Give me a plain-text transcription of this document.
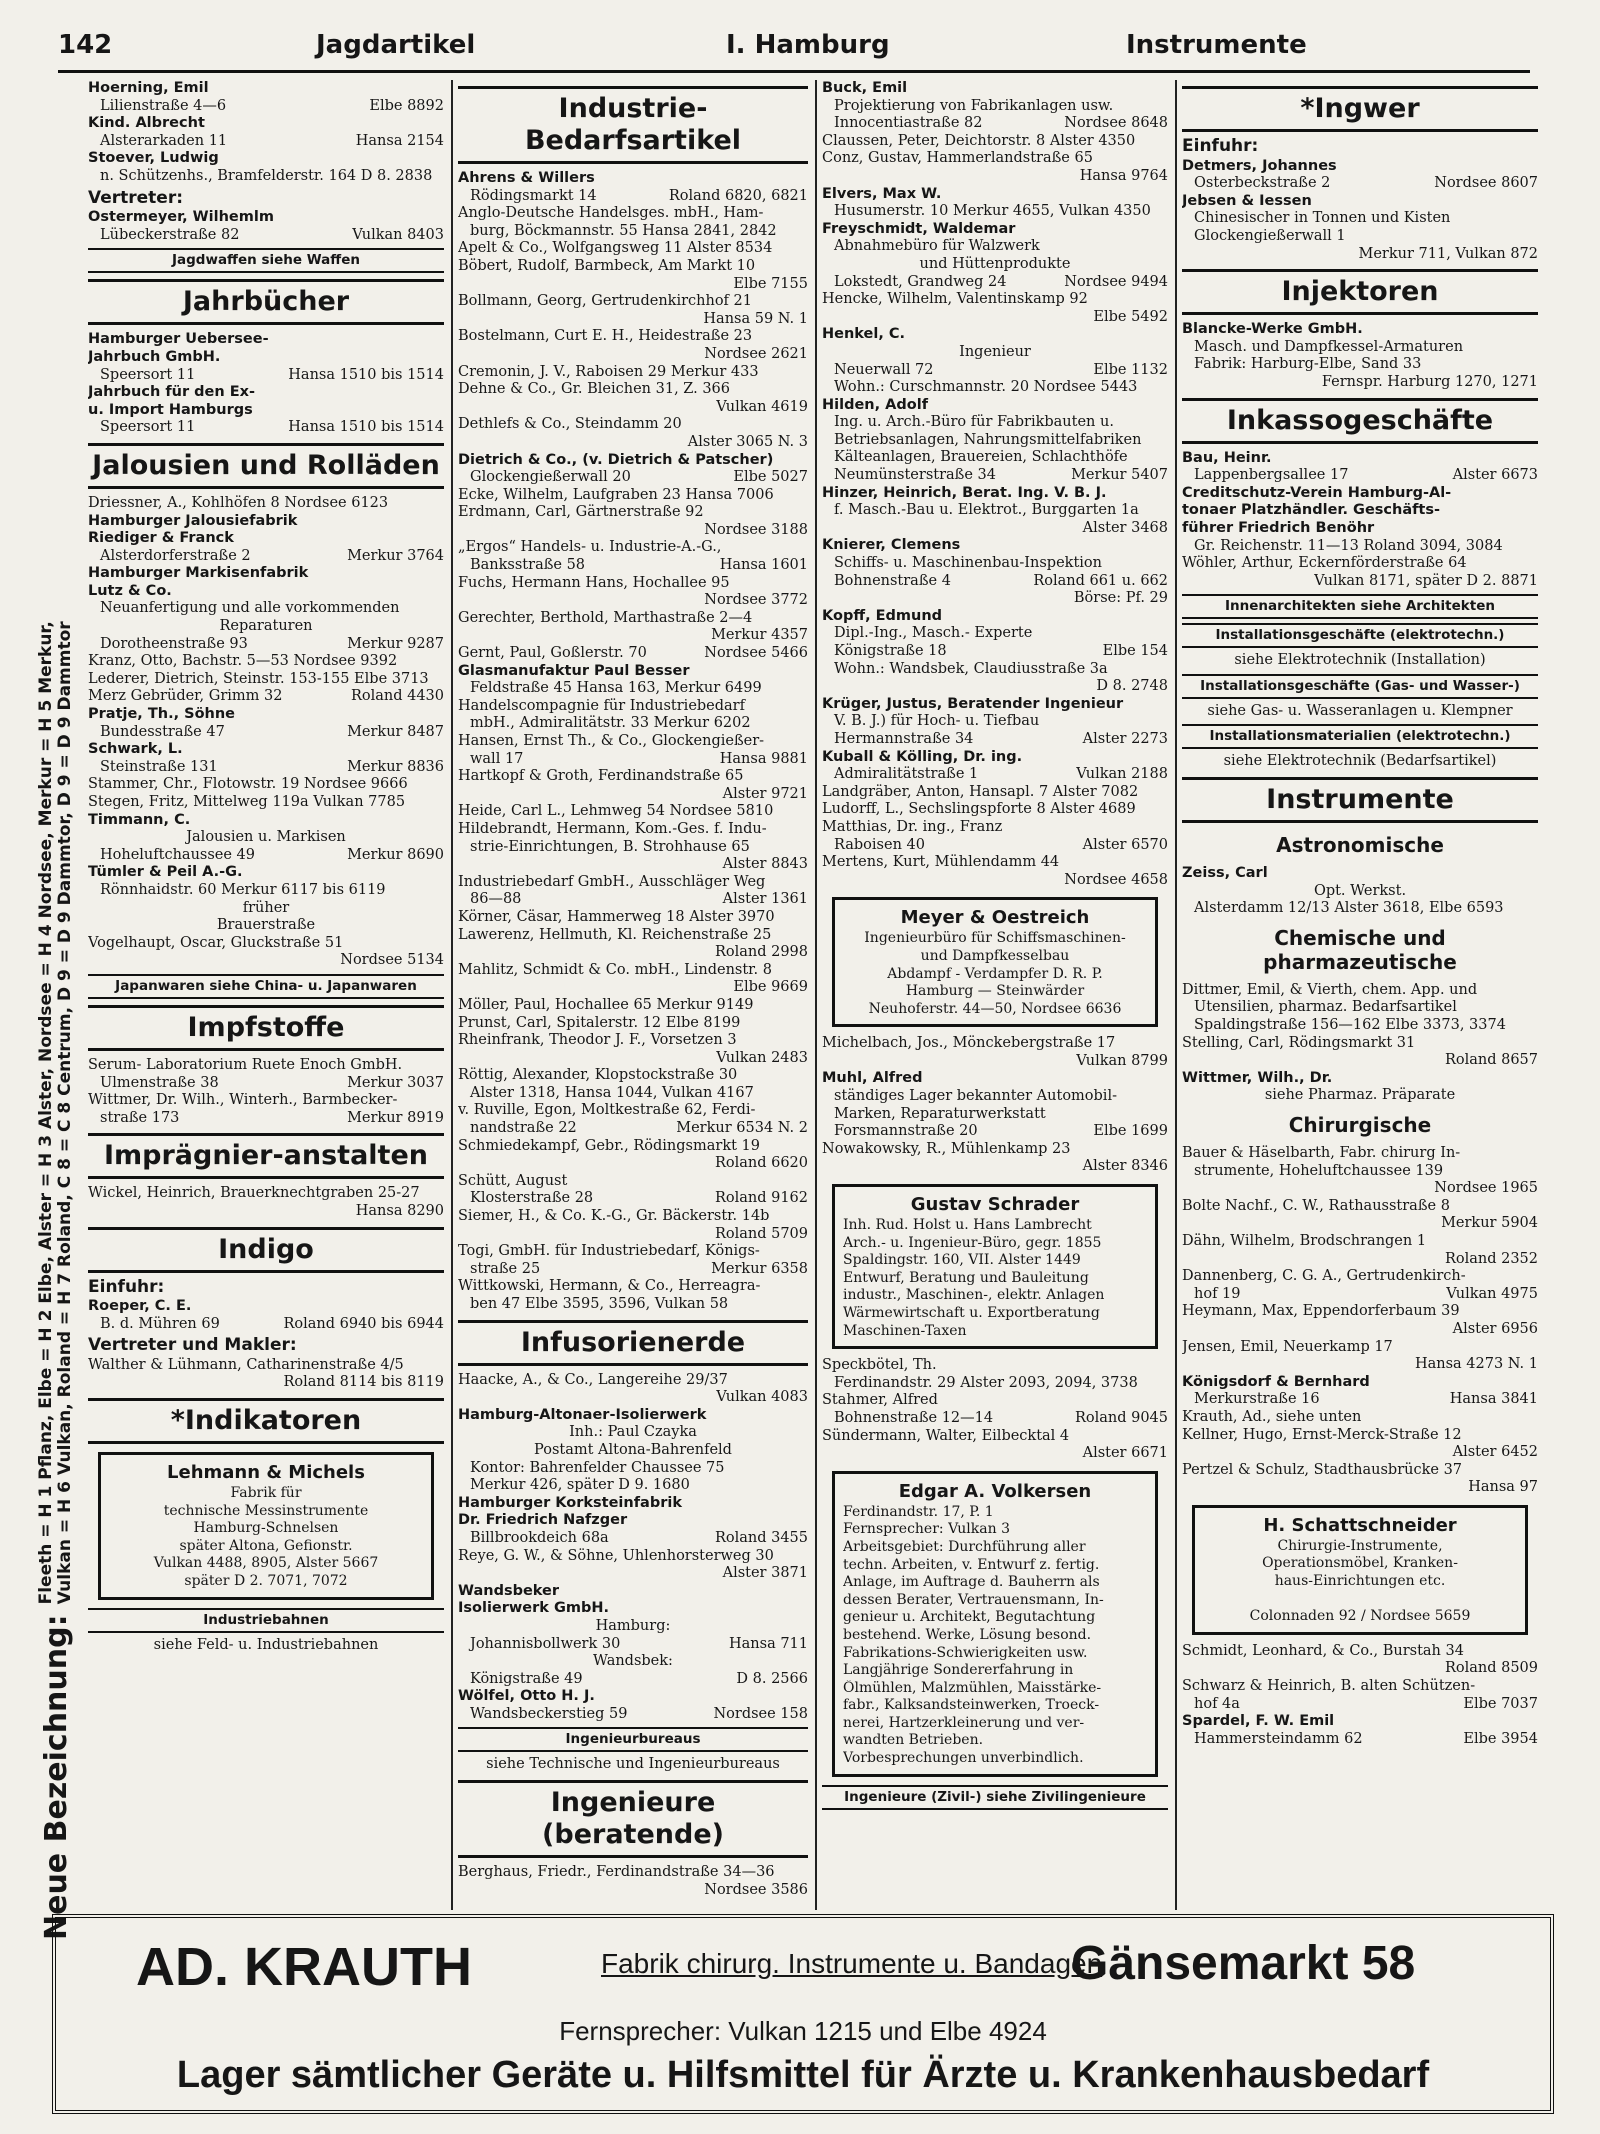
142	Jagdartikel	I. Hamburg	Instrumente
Neue Bezeichnung:
Fleeth = H 1 Pflanz, Elbe = H 2 Elbe, Alster = H 3 Alster, Nordsee = H 4 Nordsee, Merkur = H 5 Merkur, Vulkan = H 6 Vulkan, Roland = H 7 Roland, C 8 = C 8 Centrum, D 9 = D 9 Dammtor, D 9 = D 9 Dammtor
Hoerning, Emil
Lilienstraße 4—6	Elbe 8892
Kind. Albrecht
Alsterarkaden 11	Hansa 2154
Stoever, Ludwig
n. Schützenhs., Bramfelderstr. 164 D 8. 2838
Vertreter:
Ostermeyer, Wilhemlm
Lübeckerstraße 82	Vulkan 8403
Jagdwaffen siehe Waffen
Jahrbücher
Hamburger Uebersee-
Jahrbuch GmbH.
Speersort 11	Hansa 1510 bis 1514
Jahrbuch für den Ex-
u. Import Hamburgs
Speersort 11	Hansa 1510 bis 1514
Jalousien und Rolläden
Driessner, A., Kohlhöfen 8 Nordsee 6123
Hamburger Jalousiefabrik
Riediger & Franck
Alsterdorferstraße 2	Merkur 3764
Hamburger Markisenfabrik
Lutz & Co.
Neuanfertigung und alle vorkommenden
Reparaturen
Dorotheenstraße 93	Merkur 9287
Kranz, Otto, Bachstr. 5—53 Nordsee 9392
Lederer, Dietrich, Steinstr. 153-155 Elbe 3713
Merz Gebrüder, Grimm 32	Roland 4430
Pratje, Th., Söhne
Bundesstraße 47	Merkur 8487
Schwark, L.
Steinstraße 131	Merkur 8836
Stammer, Chr., Flotowstr. 19 Nordsee 9666
Stegen, Fritz, Mittelweg 119a Vulkan 7785
Timmann, C.
Jalousien u. Markisen
Hoheluftchaussee 49	Merkur 8690
Tümler & Peil A.-G.
Rönnhaidstr. 60 Merkur 6117 bis 6119
früher
Brauerstraße
Vogelhaupt, Oscar, Gluckstraße 51
Nordsee 5134
Japanwaren siehe China- u. Japanwaren
Impfstoffe
Serum- Laboratorium Ruete Enoch GmbH.
Ulmenstraße 38	Merkur 3037
Wittmer, Dr. Wilh., Winterh., Barmbecker-
straße 173	Merkur 8919
Imprägnier-anstalten
Wickel, Heinrich, Brauerknechtgraben 25-27
Hansa 8290
Indigo
Einfuhr:
Roeper, C. E.
B. d. Mühren 69	Roland 6940 bis 6944
Vertreter und Makler:
Walther & Lühmann, Catharinenstraße 4/5
Roland 8114 bis 8119
*Indikatoren
Lehmann & Michels
Fabrik für
technische Messinstrumente
Hamburg-Schnelsen
später Altona, Gefionstr.
Vulkan 4488, 8905, Alster 5667
später D 2. 7071, 7072
Industriebahnen
siehe Feld- u. Industriebahnen
Industrie-Bedarfsartikel
Ahrens & Willers
Rödingsmarkt 14	Roland 6820, 6821
Anglo-Deutsche Handelsges. mbH., Ham-
burg, Böckmannstr. 55 Hansa 2841, 2842
Apelt & Co., Wolfgangsweg 11 Alster 8534
Böbert, Rudolf, Barmbeck, Am Markt 10
Elbe 7155
Bollmann, Georg, Gertrudenkirchhof 21
Hansa 59 N. 1
Bostelmann, Curt E. H., Heidestraße 23
Nordsee 2621
Cremonin, J. V., Raboisen 29 Merkur 433
Dehne & Co., Gr. Bleichen 31, Z. 366
Vulkan 4619
Dethlefs & Co., Steindamm 20
Alster 3065 N. 3
Dietrich & Co., (v. Dietrich & Patscher)
Glockengießerwall 20	Elbe 5027
Ecke, Wilhelm, Laufgraben 23 Hansa 7006
Erdmann, Carl, Gärtnerstraße 92
Nordsee 3188
„Ergos“ Handels- u. Industrie-A.-G.,
Banksstraße 58	Hansa 1601
Fuchs, Hermann Hans, Hochallee 95
Nordsee 3772
Gerechter, Berthold, Marthastraße 2—4
Merkur 4357
Gernt, Paul, Goßlerstr. 70	Nordsee 5466
Glasmanufaktur Paul Besser
Feldstraße 45 Hansa 163, Merkur 6499
Handelscompagnie für Industriebedarf
mbH., Admiralitätstr. 33 Merkur 6202
Hansen, Ernst Th., & Co., Glockengießer-
wall 17	Hansa 9881
Hartkopf & Groth, Ferdinandstraße 65
Alster 9721
Heide, Carl L., Lehmweg 54 Nordsee 5810
Hildebrandt, Hermann, Kom.-Ges. f. Indu-
strie-Einrichtungen, B. Strohhause 65
Alster 8843
Industriebedarf GmbH., Ausschläger Weg
86—88	Alster 1361
Körner, Cäsar, Hammerweg 18 Alster 3970
Lawerenz, Hellmuth, Kl. Reichenstraße 25
Roland 2998
Mahlitz, Schmidt & Co. mbH., Lindenstr. 8
Elbe 9669
Möller, Paul, Hochallee 65 Merkur 9149
Prunst, Carl, Spitalerstr. 12 Elbe 8199
Rheinfrank, Theodor J. F., Vorsetzen 3
Vulkan 2483
Röttig, Alexander, Klopstockstraße 30
Alster 1318, Hansa 1044, Vulkan 4167
v. Ruville, Egon, Moltkestraße 62, Ferdi-
nandstraße 22	Merkur 6534 N. 2
Schmiedekampf, Gebr., Rödingsmarkt 19
Roland 6620
Schütt, August
Klosterstraße 28	Roland 9162
Siemer, H., & Co. K.-G., Gr. Bäckerstr. 14b
Roland 5709
Togi, GmbH. für Industriebedarf, Königs-
straße 25	Merkur 6358
Wittkowski, Hermann, & Co., Herreagra-
ben 47 Elbe 3595, 3596, Vulkan 58
Infusorienerde
Haacke, A., & Co., Langereihe 29/37
Vulkan 4083
Hamburg-Altonaer-Isolierwerk
Inh.: Paul Czayka
Postamt Altona-Bahrenfeld
Kontor: Bahrenfelder Chaussee 75
Merkur 426, später D 9. 1680
Hamburger Korksteinfabrik
Dr. Friedrich Nafzger
Billbrookdeich 68a	Roland 3455
Reye, G. W., & Söhne, Uhlenhorsterweg 30
Alster 3871
Wandsbeker
Isolierwerk GmbH.
Hamburg:
Johannisbollwerk 30	Hansa 711
Wandsbek:
Königstraße 49	D 8. 2566
Wölfel, Otto H. J.
Wandsbeckerstieg 59	Nordsee 158
Ingenieurbureaus
siehe Technische und Ingenieurbureaus
Ingenieure (beratende)
Berghaus, Friedr., Ferdinandstraße 34—36
Nordsee 3586
Buck, Emil
Projektierung von Fabrikanlagen usw.
Innocentiastraße 82	Nordsee 8648
Claussen, Peter, Deichtorstr. 8 Alster 4350
Conz, Gustav, Hammerlandstraße 65
Hansa 9764
Elvers, Max W.
Husumerstr. 10 Merkur 4655, Vulkan 4350
Freyschmidt, Waldemar
Abnahmebüro für Walzwerk
und Hüttenprodukte
Lokstedt, Grandweg 24	Nordsee 9494
Hencke, Wilhelm, Valentinskamp 92
Elbe 5492
Henkel, C.
Ingenieur
Neuerwall 72	Elbe 1132
Wohn.: Curschmannstr. 20 Nordsee 5443
Hilden, Adolf
Ing. u. Arch.-Büro für Fabrikbauten u.
Betriebsanlagen, Nahrungsmittelfabriken
Kälteanlagen, Brauereien, Schlachthöfe
Neumünsterstraße 34	Merkur 5407
Hinzer, Heinrich, Berat. Ing. V. B. J.
f. Masch.-Bau u. Elektrot., Burggarten 1a
Alster 3468
Knierer, Clemens
Schiffs- u. Maschinenbau-Inspektion
Bohnenstraße 4	Roland 661 u. 662
Börse: Pf. 29
Kopff, Edmund
Dipl.-Ing., Masch.- Experte
Königstraße 18	Elbe 154
Wohn.: Wandsbek, Claudiusstraße 3a
D 8. 2748
Krüger, Justus, Beratender Ingenieur
V. B. J.) für Hoch- u. Tiefbau
Hermannstraße 34	Alster 2273
Kuball & Kölling, Dr. ing.
Admiralitätstraße 1	Vulkan 2188
Landgräber, Anton, Hansapl. 7 Alster 7082
Ludorff, L., Sechslingspforte 8 Alster 4689
Matthias, Dr. ing., Franz
Raboisen 40	Alster 6570
Mertens, Kurt, Mühlendamm 44
Nordsee 4658
Meyer & Oestreich
Ingenieurbüro für Schiffsmaschinen-
und Dampfkesselbau
Abdampf - Verdampfer D. R. P.
Hamburg — Steinwärder
Neuhoferstr. 44—50, Nordsee 6636
Michelbach, Jos., Mönckebergstraße 17
Vulkan 8799
Muhl, Alfred
ständiges Lager bekannter Automobil-
Marken, Reparaturwerkstatt
Forsmannstraße 20	Elbe 1699
Nowakowsky, R., Mühlenkamp 23
Alster 8346
Gustav Schrader
Inh. Rud. Holst u. Hans Lambrecht
Arch.- u. Ingenieur-Büro, gegr. 1855
Spaldingstr. 160, VII. Alster 1449
Entwurf, Beratung und Bauleitung
industr., Maschinen-, elektr. Anlagen
Wärmewirtschaft u. Exportberatung
Maschinen-Taxen
Speckbötel, Th.
Ferdinandstr. 29 Alster 2093, 2094, 3738
Stahmer, Alfred
Bohnenstraße 12—14	Roland 9045
Sündermann, Walter, Eilbecktal 4
Alster 6671
Edgar A. Volkersen
Ferdinandstr. 17, P. 1
Fernsprecher: Vulkan 3
Arbeitsgebiet: Durchführung aller
techn. Arbeiten, v. Entwurf z. fertig.
Anlage, im Auftrage d. Bauherrn als
dessen Berater, Vertrauensmann, In-
genieur u. Architekt, Begutachtung
bestehend. Werke, Lösung besond.
Fabrikations-Schwierigkeiten usw.
Langjährige Sondererfahrung in
Ölmühlen, Malzmühlen, Maisstärke-
fabr., Kalksandsteinwerken, Troeck-
nerei, Hartzerkleinerung und ver-
wandten Betrieben.
Vorbesprechungen unverbindlich.
Ingenieure (Zivil-) siehe Zivilingenieure
*Ingwer
Einfuhr:
Detmers, Johannes
Osterbeckstraße 2	Nordsee 8607
Jebsen & Iessen
Chinesischer in Tonnen und Kisten
Glockengießerwall 1
Merkur 711, Vulkan 872
Injektoren
Blancke-Werke GmbH.
Masch. und Dampfkessel-Armaturen
Fabrik: Harburg-Elbe, Sand 33
Fernspr. Harburg 1270, 1271
Inkassogeschäfte
Bau, Heinr.
Lappenbergsallee 17	Alster 6673
Creditschutz-Verein Hamburg-Al-
tonaer Platzhändler. Geschäfts-
führer Friedrich Benöhr
Gr. Reichenstr. 11—13 Roland 3094, 3084
Wöhler, Arthur, Eckernförderstraße 64
Vulkan 8171, später D 2. 8871
Innenarchitekten siehe Architekten
Installationsgeschäfte (elektrotechn.)
siehe Elektrotechnik (Installation)
Installationsgeschäfte (Gas- und Wasser-)
siehe Gas- u. Wasseranlagen u. Klempner
Installationsmaterialien (elektrotechn.)
siehe Elektrotechnik (Bedarfsartikel)
Instrumente
Astronomische
Zeiss, Carl
Opt. Werkst.
Alsterdamm 12/13 Alster 3618, Elbe 6593
Chemische und pharmazeutische
Dittmer, Emil, & Vierth, chem. App. und
Utensilien, pharmaz. Bedarfsartikel
Spaldingstraße 156—162 Elbe 3373, 3374
Stelling, Carl, Rödingsmarkt 31
Roland 8657
Wittmer, Wilh., Dr.
siehe Pharmaz. Präparate
Chirurgische
Bauer & Häselbarth, Fabr. chirurg In-
strumente, Hoheluftchaussee 139
Nordsee 1965
Bolte Nachf., C. W., Rathausstraße 8
Merkur 5904
Dähn, Wilhelm, Brodschrangen 1
Roland 2352
Dannenberg, C. G. A., Gertrudenkirch-
hof 19	Vulkan 4975
Heymann, Max, Eppendorferbaum 39
Alster 6956
Jensen, Emil, Neuerkamp 17
Hansa 4273 N. 1
Königsdorf & Bernhard
Merkurstraße 16	Hansa 3841
Krauth, Ad., siehe unten
Kellner, Hugo, Ernst-Merck-Straße 12
Alster 6452
Pertzel & Schulz, Stadthausbrücke 37
Hansa 97
H. Schattschneider
Chirurgie-Instrumente,
Operationsmöbel, Kranken-
haus-Einrichtungen etc.
Colonnaden 92 / Nordsee 5659
Schmidt, Leonhard, & Co., Burstah 34
Roland 8509
Schwarz & Heinrich, B. alten Schützen-
hof 4a	Elbe 7037
Spardel, F. W. Emil
Hammersteindamm 62	Elbe 3954
AD. KRAUTH	Fabrik chirurg. Instrumente u. Bandagen
Gänsemarkt 58
Fernsprecher: Vulkan 1215 und Elbe 4924
Lager sämtlicher Geräte u. Hilfsmittel für Ärzte u. Krankenhausbedarf
